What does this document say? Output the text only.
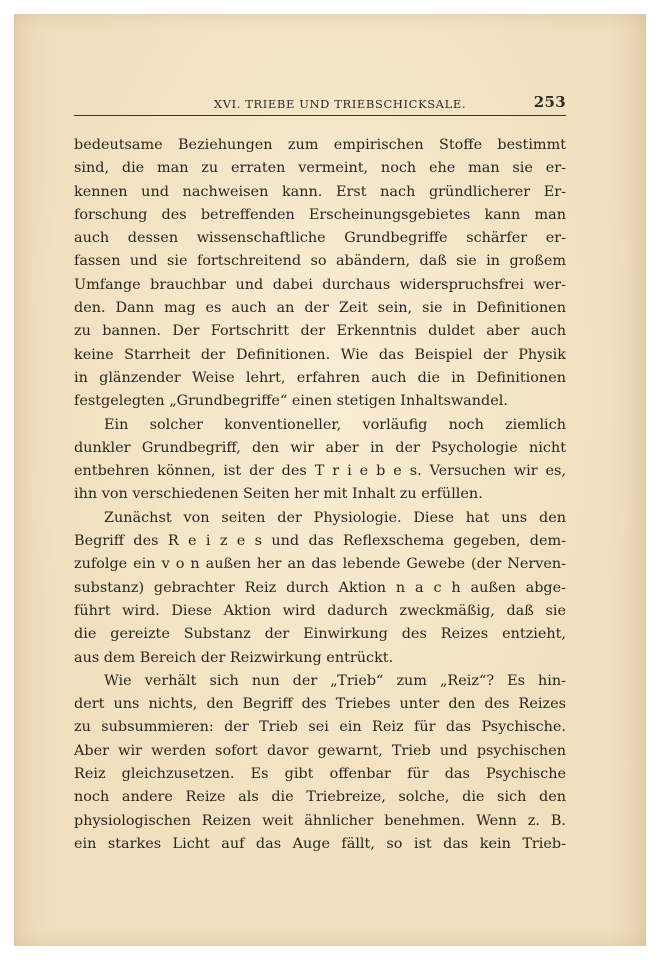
XVI. TRIEBE UND TRIEBSCHICKSALE.	253
bedeutsame Beziehungen zum empirischen Stoffe bestimmt
sind, die man zu erraten vermeint, noch ehe man sie er-
kennen und nachweisen kann. Erst nach gründlicherer Er-
forschung des betreffenden Erscheinungsgebietes kann man
auch dessen wissenschaftliche Grundbegriffe schärfer er-
fassen und sie fortschreitend so abändern, daß sie in großem
Umfange brauchbar und dabei durchaus widerspruchsfrei wer-
den. Dann mag es auch an der Zeit sein, sie in Definitionen
zu bannen. Der Fortschritt der Erkenntnis duldet aber auch
keine Starrheit der Definitionen. Wie das Beispiel der Physik
in glänzender Weise lehrt, erfahren auch die in Definitionen
festgelegten „Grundbegriffe“ einen stetigen Inhaltswandel.
Ein solcher konventioneller, vorläufig noch ziemlich
dunkler Grundbegriff, den wir aber in der Psychologie nicht
entbehren können, ist der des T r i e b e s. Versuchen wir es,
ihn von verschiedenen Seiten her mit Inhalt zu erfüllen.
Zunächst von seiten der Physiologie. Diese hat uns den
Begriff des R e i z e s und das Reflexschema gegeben, dem-
zufolge ein v o n außen her an das lebende Gewebe (der Nerven-
substanz) gebrachter Reiz durch Aktion n a c h außen abge-
führt wird. Diese Aktion wird dadurch zweckmäßig, daß sie
die gereizte Substanz der Einwirkung des Reizes entzieht,
aus dem Bereich der Reizwirkung entrückt.
Wie verhält sich nun der „Trieb“ zum „Reiz“? Es hin-
dert uns nichts, den Begriff des Triebes unter den des Reizes
zu subsummieren: der Trieb sei ein Reiz für das Psychische.
Aber wir werden sofort davor gewarnt, Trieb und psychischen
Reiz gleichzusetzen. Es gibt offenbar für das Psychische
noch andere Reize als die Triebreize, solche, die sich den
physiologischen Reizen weit ähnlicher benehmen. Wenn z. B.
ein starkes Licht auf das Auge fällt, so ist das kein Trieb-
